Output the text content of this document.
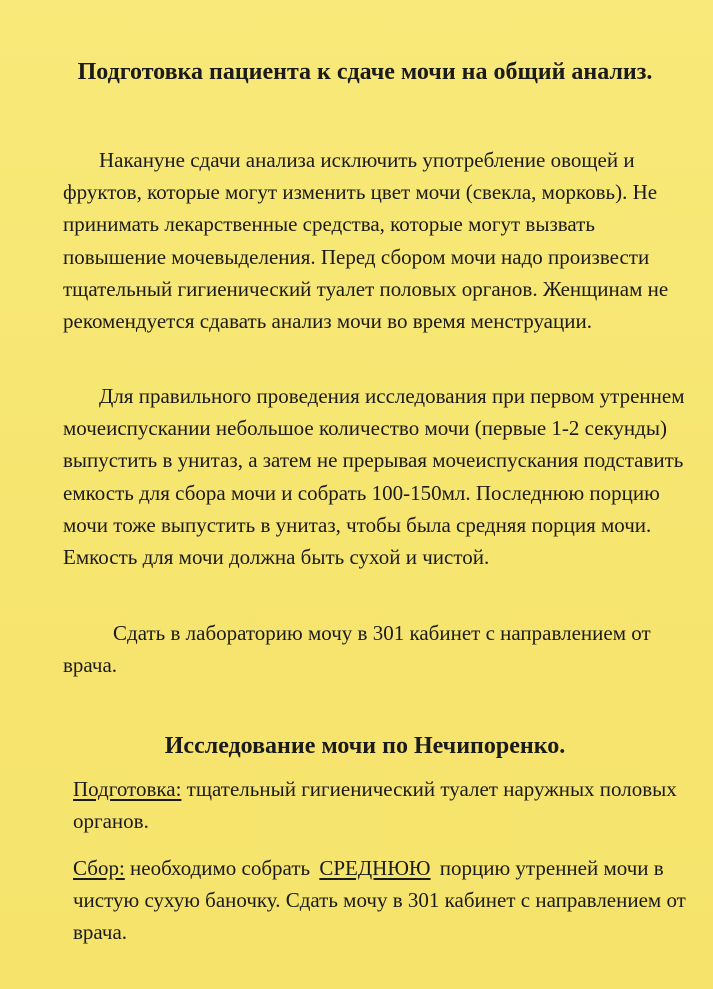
Подготовка пациента к сдаче мочи на общий анализ.

Накануне сдачи анализа исключить употребление овощей и фруктов, которые могут изменить цвет мочи (свекла, морковь). Не принимать лекарственные средства, которые могут вызвать повышение мочевыделения. Перед сбором мочи надо произвести тщательный гигиенический туалет половых органов. Женщинам не рекомендуется сдавать анализ мочи во время менструации.

Для правильного проведения исследования при первом утреннем мочеиспускании небольшое количество мочи (первые 1-2 секунды) выпустить в унитаз, а затем не прерывая мочеиспускания подставить емкость для сбора мочи и собрать 100-150мл. Последнюю порцию мочи тоже выпустить в унитаз, чтобы была средняя порция мочи. Емкость для мочи должна быть сухой и чистой.

Сдать в лабораторию мочу в 301 кабинет с направлением от врача.

Исследование мочи по Нечипоренко.

Подготовка: тщательный гигиенический туалет наружных половых органов.

Сбор: необходимо собрать СРЕДНЮЮ порцию утренней мочи в чистую сухую баночку. Сдать мочу в 301 кабинет с направлением от врача.
